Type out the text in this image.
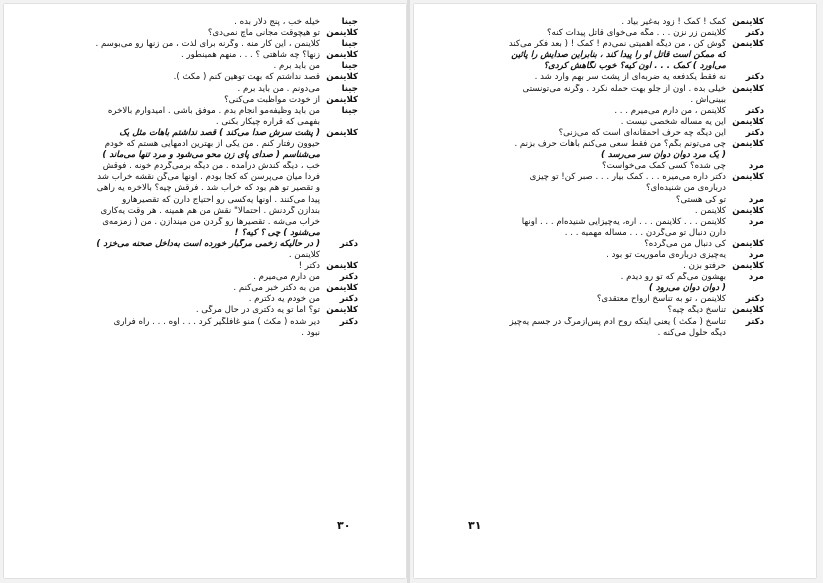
جینا
خیله خب ، پنج دلار بده .
کلاینمن
تو هیچوقت مجانی ماچ نمی‌دی؟
جینا
کلاینمن ، این کار منه . وگرنه برای لذت ، من زنها رو می‌بوسم .
کلاینمن
زنها؟ چه شاهتی ؟ . . . منهم همینطور .
جینا
من باید برم .
کلاینمن
قصد نداشتم که بهت توهین کنم ( مکث ).
جینا
می‌دونم . من باید برم .
کلاینمن
از خودت مواظبت می‌کنی؟
جینا
من باید وظیفه‌مو انجام بدم . موفق باشی . امیدوارم بالاخره
بفهمی که قراره چیکار بکنی .
کلاینمن
( پشت سرش صدا می‌کند ) قصد نداشتم باهات مثل یک
حیوون رفتار کنم . من یکی از بهترین آدمهایی هستم که خودم
می‌شناسم ( صدای پای زن محو می‌شود و مرد تنها می‌ماند )
خب ، دیگه کندش درآمده . من دیگه برمی‌گردم خونه . فوقش
فردا میان می‌پرسن که کجا بودم . اونها می‌گن نقشه خراب شد
و تقصیر تو هم بود که خراب شد . فرقش چیه؟ بالاخره یه راهی
پیدا می‌کنند . اونها یه‌کسی رو احتیاج دارن که تقصیرهارو
بندازن گردنش . احتمالا" نقش من هم همینه . هر وقت یه‌کاری
خراب می‌شه . تقصیرها رو گردن من میندازن . من ( زمزمه‌ی
می‌شنود ) چی ؟ کیه؟ !
دکتر
( در حالیکه زخمی مرگبار خورده است به‌داخل صحنه می‌خزد )
کلاینمن .
کلاینمن
دکتر !
دکتر
من دارم می‌میرم .
کلاینمن
من به دکتر خبر می‌کنم .
دکتر
من خودم یه دکترم .
کلاینمن
تو؟ اما تو یه دکتری در حال مرگی .
دکتر
دیر شده ( مکث ) منو غافلگیر کرد . . . اوه . . . راه فراری
نبود .
۳۰
کلاینمن
کمک ! کمک ! زود به‌غیر بیاد .
دکتر
کلاینمن زر نزن . . . مگه می‌خوای قاتل پیدات کنه؟
کلاینمن
گوش کن ، من دیگه اهمیتی نمی‌دم ! کمک ! ( بعد فکر می‌کند
که ممکن است قاتل او را پیدا کند ، بنابراین صدایش را پائین
می‌آورد ) کمک . . . اون کیه؟ خوب نگاهش کردی؟
دکتر
نه فقط یکدفعه یه ضربه‌ای از پشت سر بهم وارد شد .
کلاینمن
خیلی بده . اون از جلو بهت حمله نکرد . وگرنه می‌تونستی
ببینی‌اش .
دکتر
کلاینمن ، من دارم می‌میرم . . .
کلاینمن
این یه مساله شخصی نیست .
دکتر
این دیگه چه حرف احمقانه‌ای است که می‌زنی؟
کلاینمن
چی می‌تونم بگم؟ من فقط سعی می‌کنم باهات حرف بزنم .
( یک مرد دوان دوان سر می‌رسد )
مرد
چی شده؟ کسی کمک می‌خواست؟
کلاینمن
دکتر داره می‌میره . . . کمک بیار . . . صبر کن! تو چیزی
درباره‌ی من شنیده‌ای؟
مرد
تو کی هستی؟
کلاینمن
کلاینمن .
مرد
کلاینمن . . . کلاینمن . . . آره، یه‌چیزایی شنیده‌ام . . . اونها
دارن دنبال تو می‌گردن . . . مساله مهمیه . . .
کلاینمن
کی دنبال من می‌گرده؟
مرد
یه‌چیزی درباره‌ی ماموریت تو بود .
کلاینمن
حرفتو بزن .
مرد
بهشون می‌گم که تو رو دیدم .
( دوان دوان می‌رود )
دکتر
کلاینمن ، تو به تناسخ ارواح معتقدی؟
کلاینمن
تناسخ دیگه چیه؟
دکتر
تناسخ ( مکث ) یعنی اینکه روح آدم پس‌ازمرگ در جسم یه‌چیز
دیگه حلول می‌کنه .
۳۱
